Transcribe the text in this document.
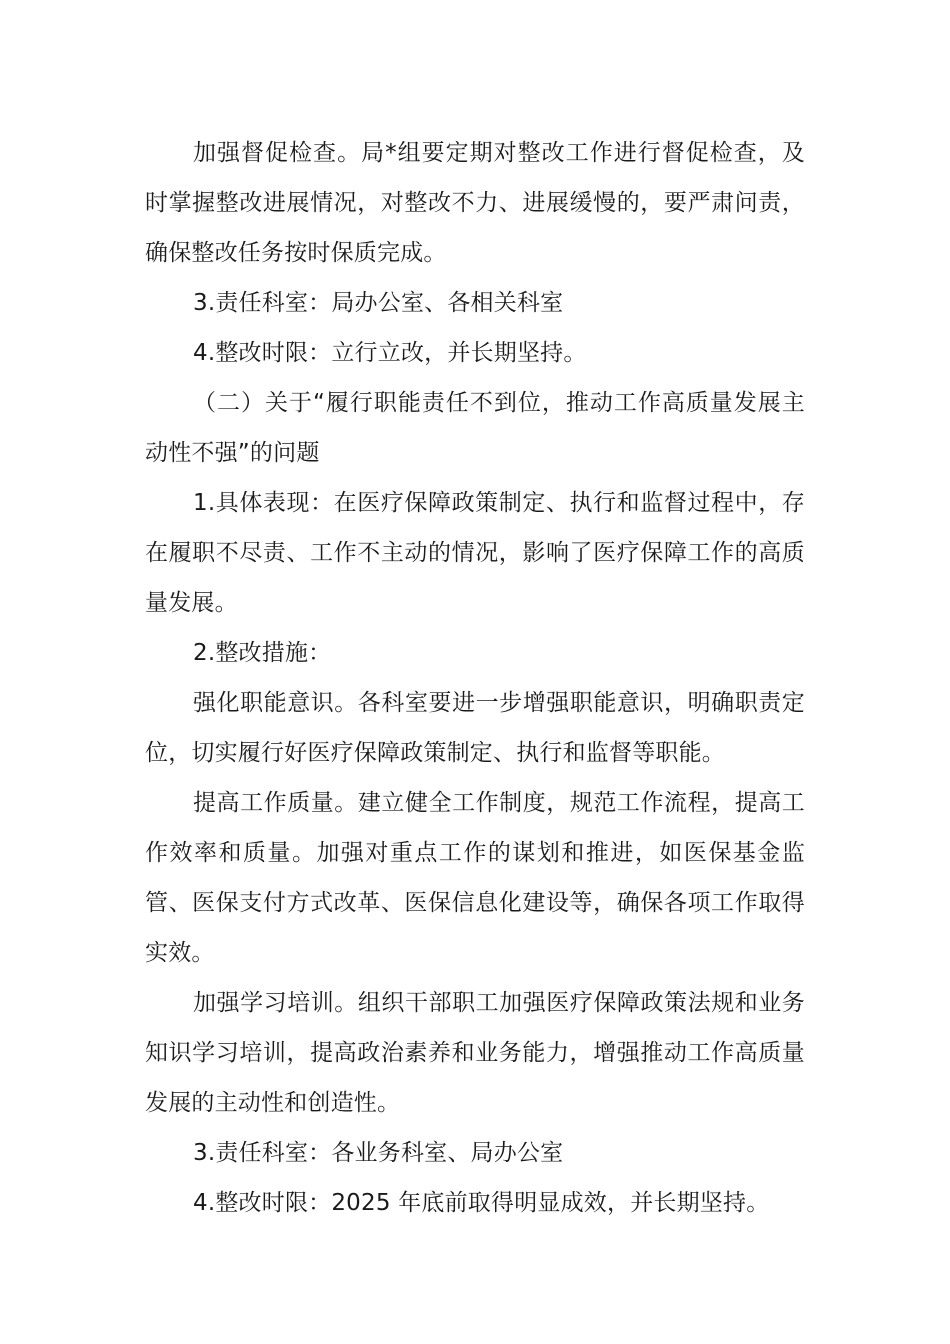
加强督促检查。局*组要定期对整改工作进行督促检查，及时掌握整改进展情况，对整改不力、进展缓慢的，要严肃问责，确保整改任务按时保质完成。

3.责任科室：局办公室、各相关科室

4.整改时限：立行立改，并长期坚持。

（二）关于“履行职能责任不到位，推动工作高质量发展主动性不强”的问题

1.具体表现：在医疗保障政策制定、执行和监督过程中，存在履职不尽责、工作不主动的情况，影响了医疗保障工作的高质量发展。

2.整改措施：

强化职能意识。各科室要进一步增强职能意识，明确职责定位，切实履行好医疗保障政策制定、执行和监督等职能。

提高工作质量。建立健全工作制度，规范工作流程，提高工作效率和质量。加强对重点工作的谋划和推进，如医保基金监管、医保支付方式改革、医保信息化建设等，确保各项工作取得实效。

加强学习培训。组织干部职工加强医疗保障政策法规和业务知识学习培训，提高政治素养和业务能力，增强推动工作高质量发展的主动性和创造性。

3.责任科室：各业务科室、局办公室

4.整改时限：2025 年底前取得明显成效，并长期坚持。
